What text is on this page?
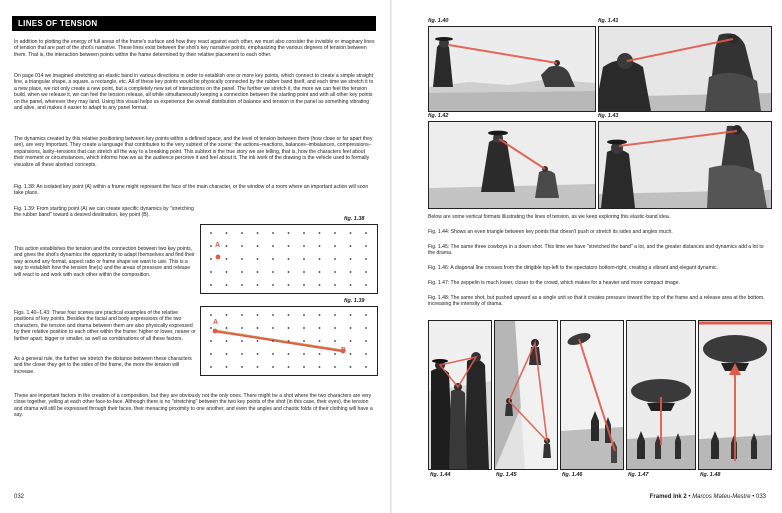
LINES OF TENSION
In addition to plotting the energy of full areas of the frame's surface and how they react against each other, we must also consider the invisible or imaginary lines of tension that are part of the shot's narrative. These lines exist between the shot's key narrative points, emphasizing the various degrees of tension between them. That is, the interaction between points within the frame determined by their relative placement to each other.
On page 014 we imagined stretching an elastic band in various directions in order to establish one or more key points, which connect to create a simple straight line, a triangular shape, a square, a rectangle, etc. All of these key points would be physically connected by the rubber band itself, and each time we stretch it to a new place, we not only create a new point, but a completely new set of interactions on the panel. The further we stretch it, the more we can feel the tension build, when we release it, we can feel the tension release, all while simultaneously keeping a connection between the starting point and with all other key points on the panel, wherever they may land. Using this visual helps us experience the overall distribution of balance and tension in the panel as something vibrating and alive, and makes it easier to adapt to any panel format.
The dynamics created by this relative positioning between key points within a defined space, and the level of tension between them (how close or far apart they are), are very important. They create a language that contributes to the very subtext of the scene: the actions–reactions, balances–imbalances, compressions–expansions, laxity–tensions that can stretch all the way to a breaking point. This subtext is the true story we are telling, that is, how the characters feel about their moment or circumstances, which informs how we as the audience perceive it and feel about it. The ink work of the drawing is the vehicle used to formally visualize all these abstract concepts.
Fig. 1.38: An isolated key point (A) within a frame might represent the face of the main character, or the window of a room where an important action will soon take place.
Fig. 1.39: From starting point (A) we can create specific dynamics by "stretching the rubber band" toward a desired destination, key point (B).
This action establishes the tension and the connection between two key points, and gives the shot's dynamics the opportunity to adapt themselves and find their way around any format, aspect ratio or frame shape we want to use. This is a way to establish how the tension line(s) and the areas of pressure and release will react to and work with each other within the composition.
Figs. 1.40–1.43: These four scenes are practical examples of the relative positions of key points. Besides the facial and body expressions of the two characters, the tension and drama between them are also physically expressed by their relative position to each other within the frame: higher or lower, nearer or farther apart, bigger or smaller, as well as combinations of all these factors.
As a general rule, the further we stretch the distance between these characters and the closer they get to the sides of the frame, the more the tension will increase.
These are important factors in the creation of a composition, but they are obviously not the only ones. There might be a shot where the two characters are very close together, yelling at each other face-to-face. Although there is no "stretching" between the two key points of the shot (in this case, their eyes), the tension and drama will still be expressed through their faces, their menacing proximity to one another, and even the angles and chaotic folds of their clothing will have a say.
fig. 1.38
A
fig. 1.39
A
B
032
fig. 1.40	fig. 1.41
fig. 1.42	fig. 1.43
Below are some vertical formats illustrating the lines of tension, as we keep exploring this elastic-band idea.
Fig. 1.44: Shows an even triangle between key points that doesn't push or stretch its sides and angles much.
Fig. 1.45: The same three cowboys in a down shot. This time we have "stretched the band" a lot, and the greater distances and dynamics add a lot to the drama.
Fig. 1.46: A diagonal line crosses from the dirigible top-left to the spectators bottom-right, creating a vibrant and elegant dynamic.
Fig. 1.47: The zeppelin is much lower, closer to the crowd, which makes for a heavier and more compact image.
Fig. 1.48: The same shot, but pushed upward as a single unit so that it creates pressure toward the top of the frame and a release area at the bottom, increasing the intensity of drama.
fig. 1.44	fig. 1.45	fig. 1.46	fig. 1.47	fig. 1.48
Framed Ink 2 • Marcos Mateu-Mestre • 033
